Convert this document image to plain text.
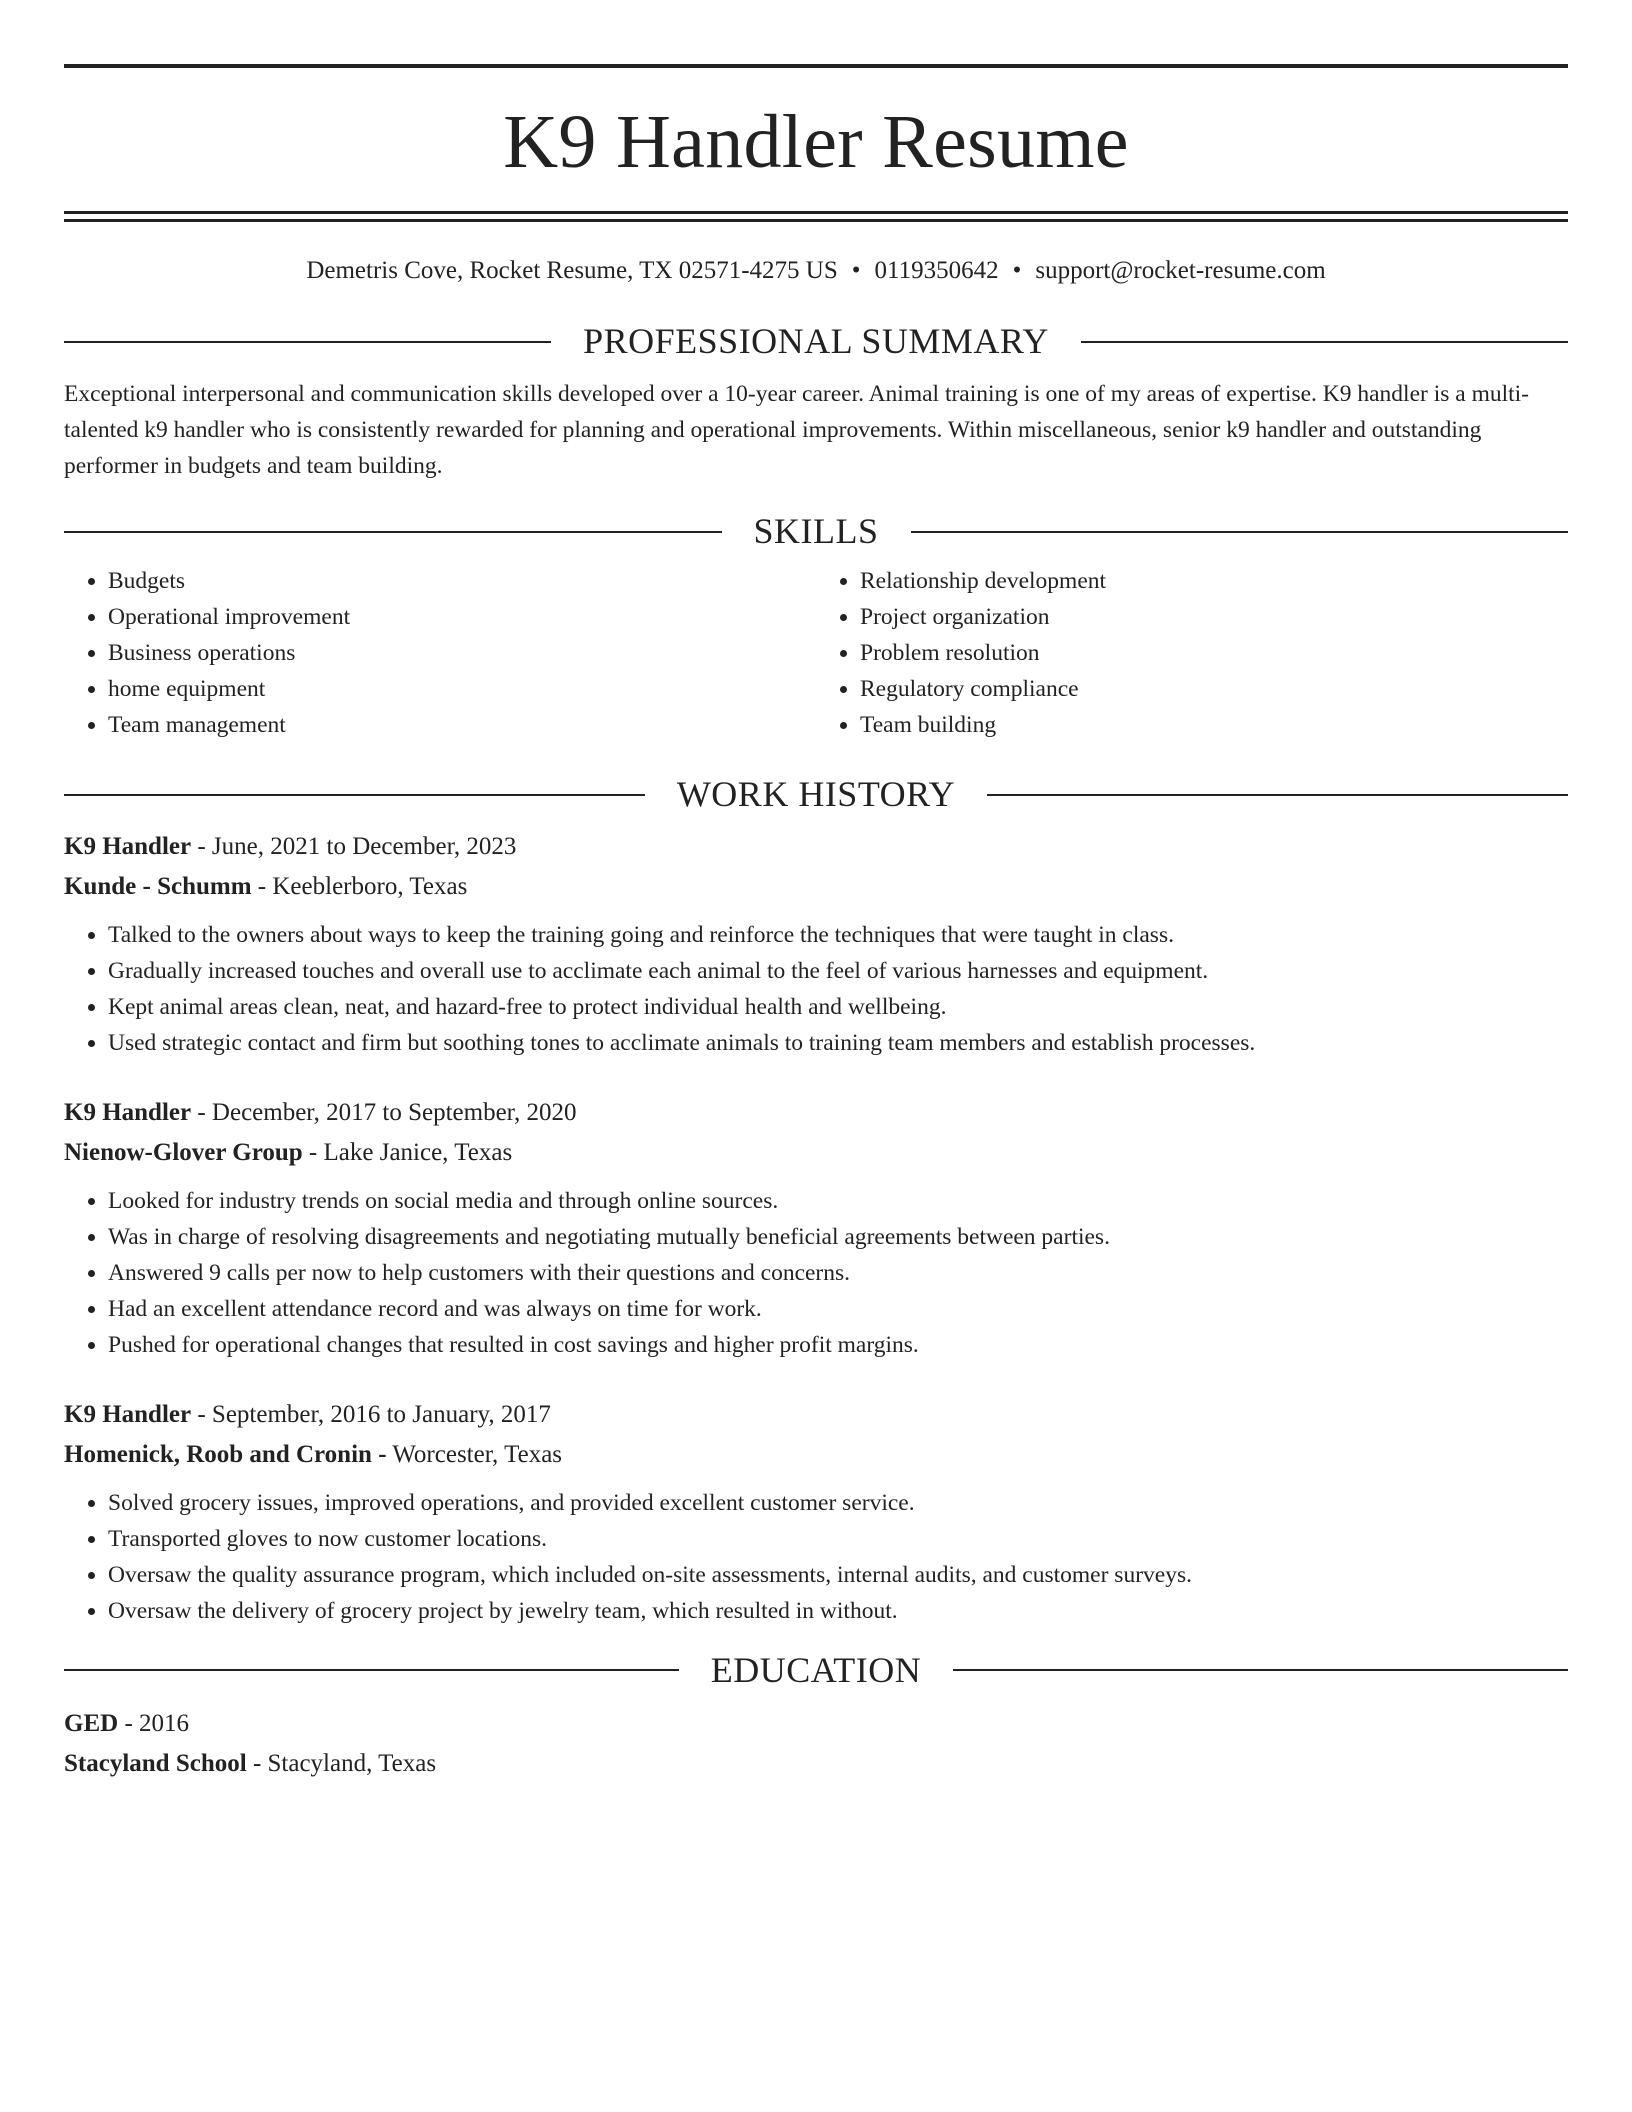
K9 Handler Resume
Demetris Cove, Rocket Resume, TX 02571-4275 US • 0119350642 • support@rocket-resume.com
PROFESSIONAL SUMMARY

Exceptional interpersonal and communication skills developed over a 10-year career. Animal training is one of my areas of expertise. K9 handler is a multi-talented k9 handler who is consistently rewarded for planning and operational improvements. Within miscellaneous, senior k9 handler and outstanding performer in budgets and team building.

SKILLS
• Budgets
• Operational improvement
• Business operations
• home equipment
• Team management
• Relationship development
• Project organization
• Problem resolution
• Regulatory compliance
• Team building
WORK HISTORY
K9 Handler - June, 2021 to December, 2023
Kunde - Schumm - Keeblerboro, Texas
• Talked to the owners about ways to keep the training going and reinforce the techniques that were taught in class.
• Gradually increased touches and overall use to acclimate each animal to the feel of various harnesses and equipment.
• Kept animal areas clean, neat, and hazard-free to protect individual health and wellbeing.
• Used strategic contact and firm but soothing tones to acclimate animals to training team members and establish processes.
K9 Handler - December, 2017 to September, 2020
Nienow-Glover Group - Lake Janice, Texas
• Looked for industry trends on social media and through online sources.
• Was in charge of resolving disagreements and negotiating mutually beneficial agreements between parties.
• Answered 9 calls per now to help customers with their questions and concerns.
• Had an excellent attendance record and was always on time for work.
• Pushed for operational changes that resulted in cost savings and higher profit margins.
K9 Handler - September, 2016 to January, 2017
Homenick, Roob and Cronin - Worcester, Texas
• Solved grocery issues, improved operations, and provided excellent customer service.
• Transported gloves to now customer locations.
• Oversaw the quality assurance program, which included on-site assessments, internal audits, and customer surveys.
• Oversaw the delivery of grocery project by jewelry team, which resulted in without.
EDUCATION
GED - 2016
Stacyland School - Stacyland, Texas
